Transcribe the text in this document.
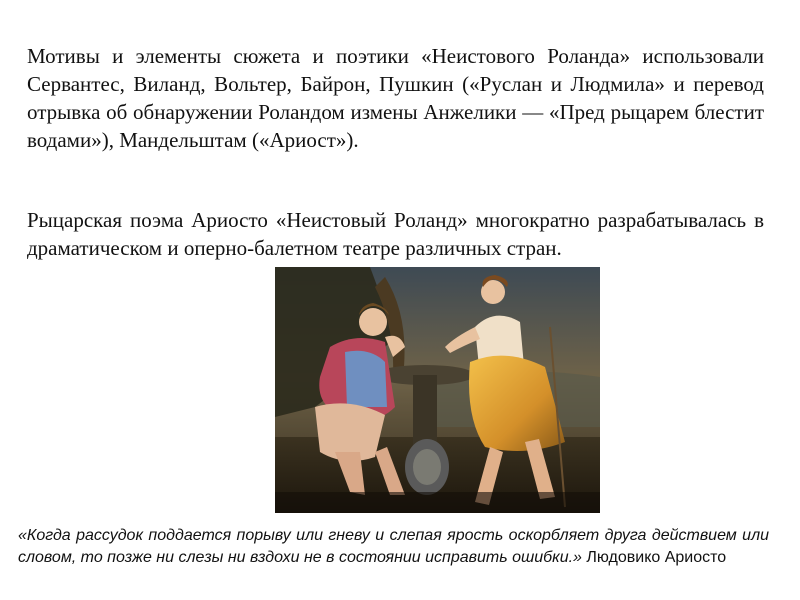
Мотивы и элементы сюжета и поэтики «Неистового Роланда» использовали Сервантес, Виланд, Вольтер, Байрон, Пушкин («Руслан и Людмила» и перевод отрывка об обнаружении Роландом измены Анжелики — «Пред рыцарем блестит водами»), Мандельштам («Ариост»).

Рыцарская поэма Ариосто «Неистовый Роланд» многократно разрабатывалась в драматическом и оперно-балетном театре различных стран.

«Когда рассудок поддается порыву или гневу и слепая ярость оскорбляет друга действием или словом, то позже ни слезы ни вздохи не в состоянии исправить ошибки.» Людовико Ариосто
